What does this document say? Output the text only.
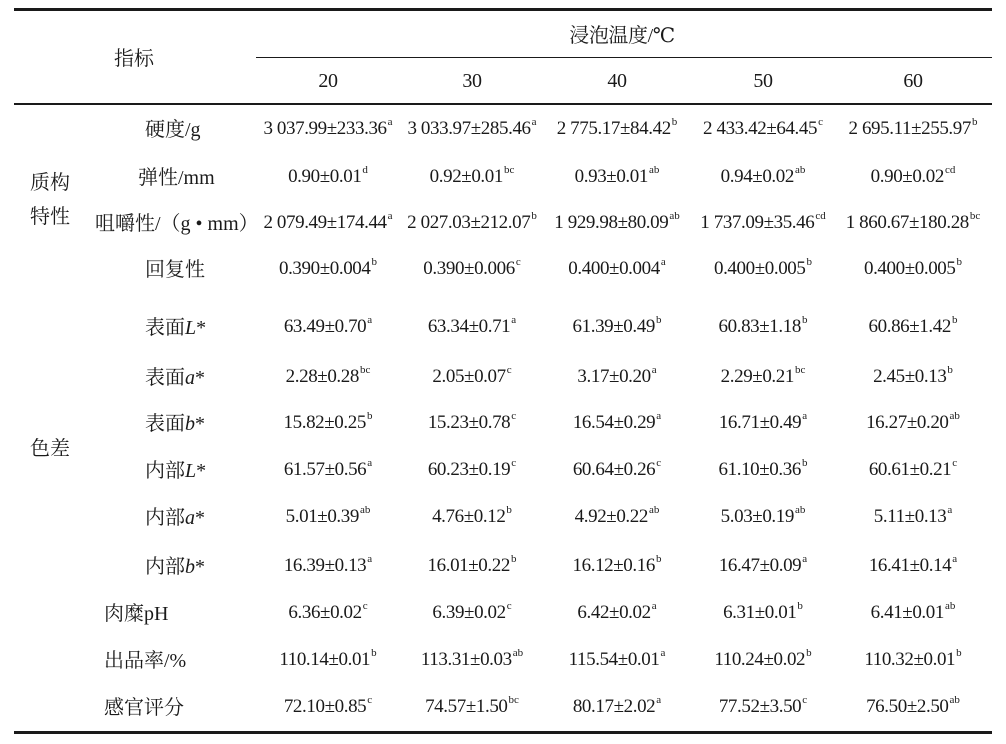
指标
浸泡温度/℃
20	30	40	50	60
质构
特性
色差
硬度/g	3 037.99±233.36$^a$ 3 033.97±285.46$^a$ 2 775.17±84.42$^b$ 2 433.42±64.45$^c$ 2 695.11±255.97$^b$
弹性/mm	0.90±0.01$^d$	0.92±0.01$^{bc}$	0.93±0.01$^{ab}$	0.94±0.02$^{ab}$	0.90±0.02$^{cd}$
咀嚼性/（g • mm） 2 079.49±174.44$^a$ 2 027.03±212.07$^b$ 1 929.98±80.09$^{ab}$ 1 737.09±35.46$^{cd}$ 1 860.67±180.28$^{bc}$
回复性	0.390±0.004$^b$ 0.390±0.006$^c$	0.400±0.004$^a$	0.400±0.005$^b$	0.400±0.005$^b$
表面L*	63.49±0.70$^a$	63.34±0.71$^a$	61.39±0.49$^b$	60.83±1.18$^b$	60.86±1.42$^b$
表面a*	2.28±0.28$^{bc}$	2.05±0.07$^c$	3.17±0.20$^a$	2.29±0.21$^{bc}$	2.45±0.13$^b$
表面b*	15.82±0.25$^b$	15.23±0.78$^c$	16.54±0.29$^a$	16.71±0.49$^a$	16.27±0.20$^{ab}$
内部L*	61.57±0.56$^a$	60.23±0.19$^c$	60.64±0.26$^c$	61.10±0.36$^b$	60.61±0.21$^c$
内部a*	5.01±0.39$^{ab}$	4.76±0.12$^b$	4.92±0.22$^{ab}$	5.03±0.19$^{ab}$	5.11±0.13$^a$
内部b*	16.39±0.13$^a$	16.01±0.22$^b$	16.12±0.16$^b$	16.47±0.09$^a$	16.41±0.14$^a$
肉糜pH	6.36±0.02$^c$	6.39±0.02$^c$	6.42±0.02$^a$	6.31±0.01$^b$	6.41±0.01$^{ab}$
出品率/%	110.14±0.01$^b$ 113.31±0.03$^{ab}$ 115.54±0.01$^a$	110.24±0.02$^b$	110.32±0.01$^b$
感官评分	72.10±0.85$^c$	74.57±1.50$^{bc}$	80.17±2.02$^a$	77.52±3.50$^c$	76.50±2.50$^{ab}$
